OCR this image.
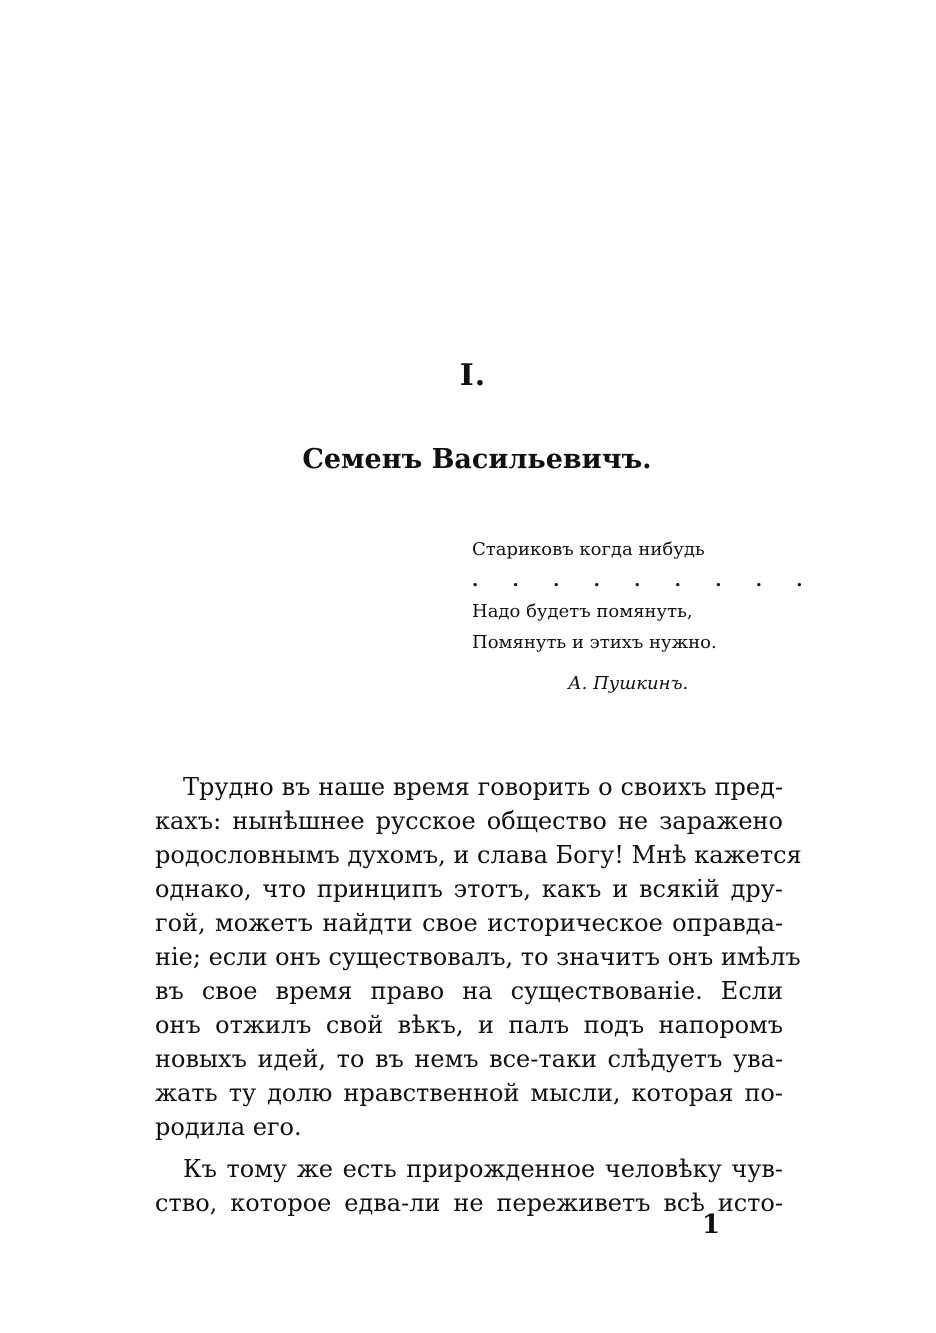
I.
Семенъ Васильевичъ.
Стариковъ когда нибудь
. . . . . . . . .
Надо будетъ помянуть,
Помянуть и этихъ нужно.
А. Пушкинъ.
Трудно въ наше время говорить о своихъ пред-
кахъ: нынѣшнее русское общество не заражено
родословнымъ духомъ, и слава Богу! Мнѣ кажется
однако, что принципъ этотъ, какъ и всякій дру-
гой, можетъ найдти свое историческое оправда-
ніе; если онъ существовалъ, то значитъ онъ имѣлъ
въ свое время право на существованіе. Если
онъ отжилъ свой вѣкъ, и палъ подъ напоромъ
новыхъ идей, то въ немъ все-таки слѣдуетъ ува-
жать ту долю нравственной мысли, которая по-
родила его.
Къ тому же есть прирожденное человѣку чув-
ство, которое едва-ли не переживетъ всѣ исто-
1
